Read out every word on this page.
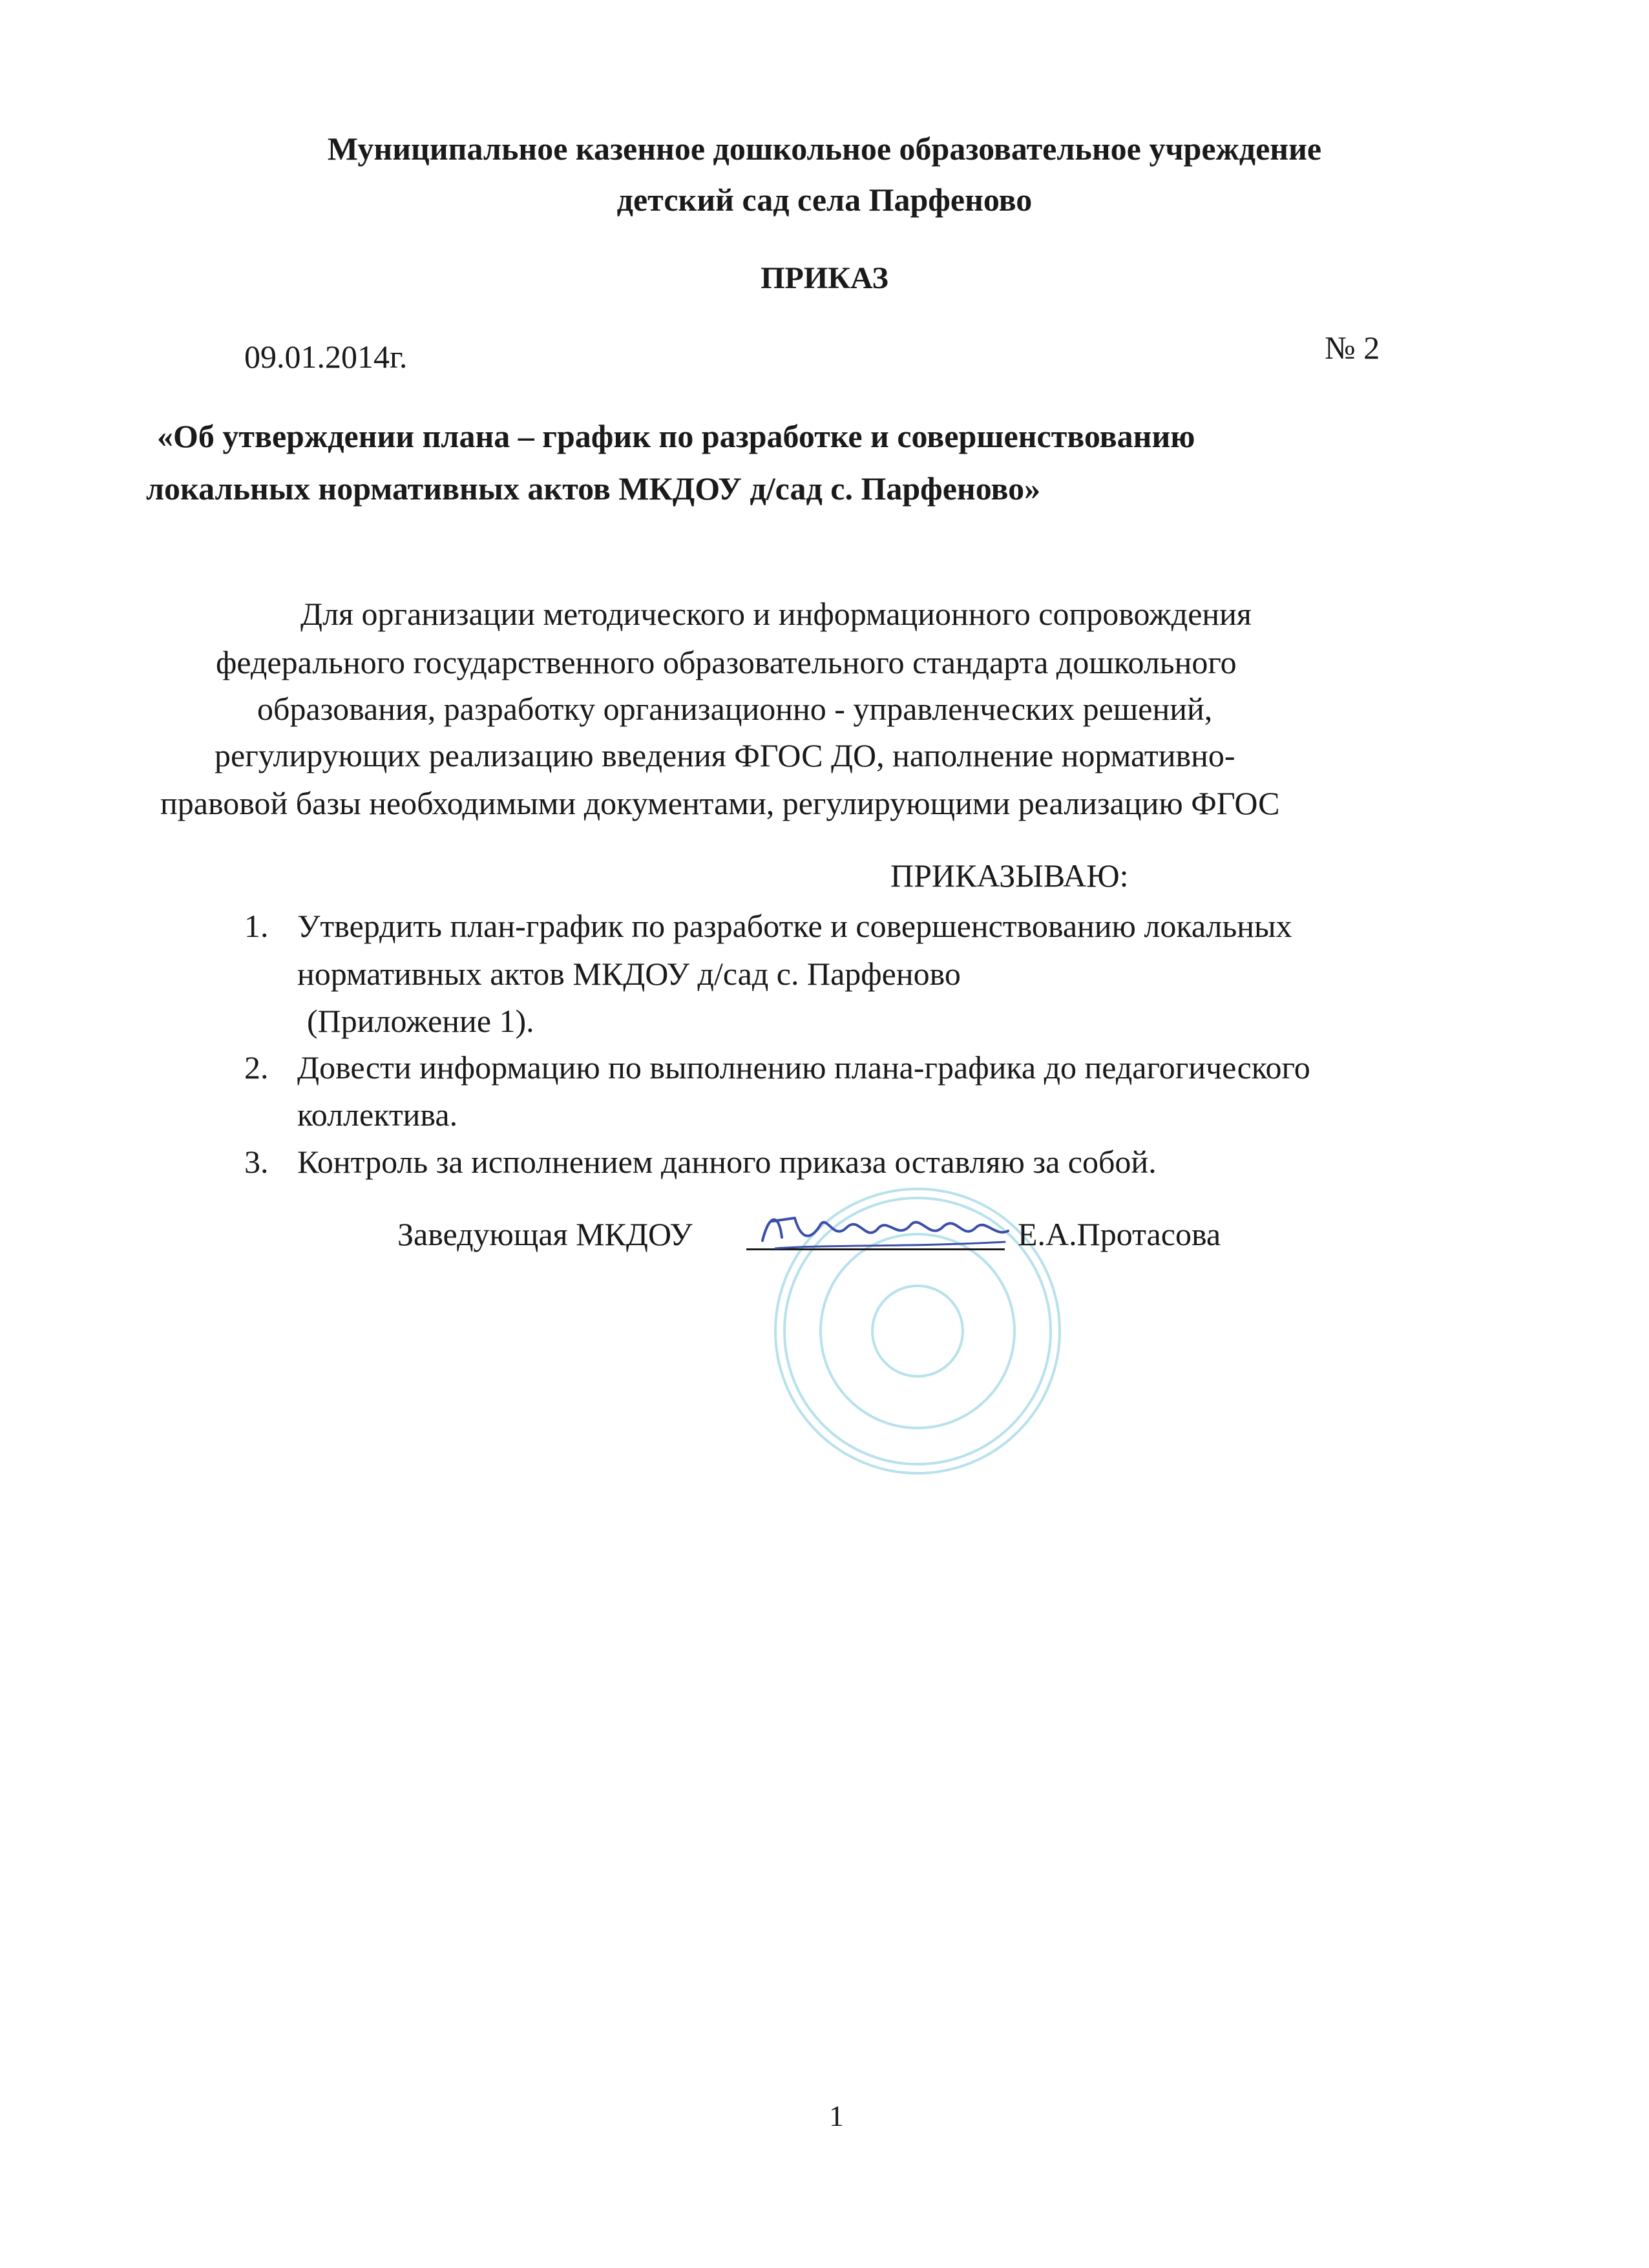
Муниципальное казенное дошкольное образовательное учреждение
детский сад села Парфеново
ПРИКАЗ
09.01.2014г.	№ 2
«Об утверждении плана – график по разработке и совершенствованию
локальных нормативных актов МКДОУ д/сад с. Парфеново»
Для организации методического и информационного сопровождения
федерального государственного образовательного стандарта дошкольного
образования, разработку организационно - управленческих решений,
регулирующих реализацию введения ФГОС ДО, наполнение нормативно-
правовой базы необходимыми документами, регулирующими реализацию ФГОС
ПРИКАЗЫВАЮ:
1. Утвердить план-график по разработке и совершенствованию локальных
нормативных актов МКДОУ д/сад с. Парфеново
(Приложение 1).
2. Довести информацию по выполнению плана-графика до педагогического
коллектива.
3. Контроль за исполнением данного приказа оставляю за собой.
Заведующая МКДОУ	Е.А.Протасова
1
